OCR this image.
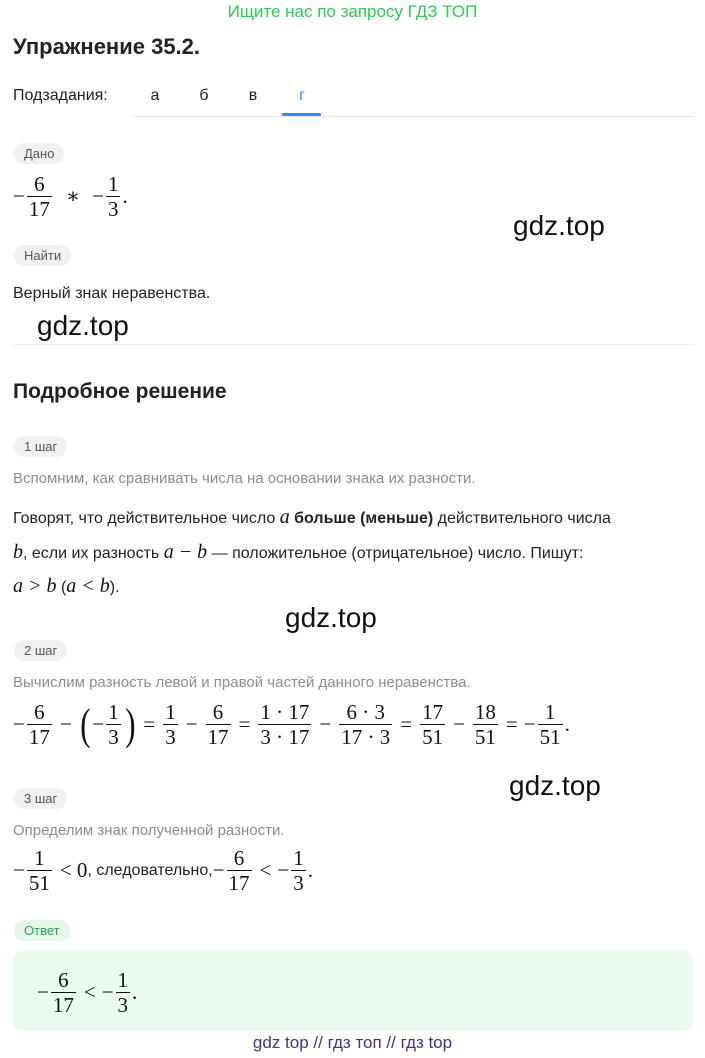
Ищите нас по запросу ГДЗ ТОП
Упражнение 35.2.
Подзадания:	а	б	в	г
Дано
− $\frac{6}{17}$ ∗ − $\frac{1}{3}$ .
gdz.top
Найти
Верный знак неравенства.
gdz.top
Подробное решение
1 шаг
Вспомним, как сравнивать числа на основании знака их разности.
Говорят, что действительное число a больше (меньше) действительного числа
b, если их разность a − b — положительное (отрицательное) число. Пишут:
a > b (a < b).
gdz.top
2 шаг
Вычислим разность левой и правой частей данного неравенства.
− $\frac{6}{17}$ − ( − $\frac{1}{3}$ ) = $\frac{1}{3} - \frac{6}{17} = \frac{1 \cdot 17}{3 \cdot 17} - \frac{6 \cdot 3}{17 \cdot 3} = \frac{17}{51} - \frac{18}{51}$ = − $\frac{1}{51}$ .
gdz.top
3 шаг
Определим знак полученной разности.
− $\frac{1}{51} < 0$ , следовательно, − $\frac{6}{17}$ < − $\frac{1}{3}$ .
Ответ
− $\frac{6}{17}$ < − $\frac{1}{3}$ .
gdz top // гдз топ // гдз top
